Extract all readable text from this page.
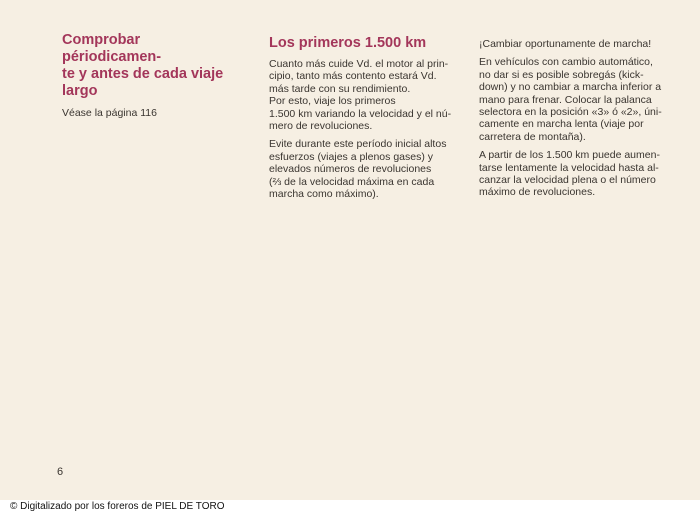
Comprobar périodicamen-
te y antes de cada viaje
largo

Véase la página 116

Los primeros 1.500 km

Cuanto más cuide Vd. el motor al prin-
cipio, tanto más contento estará Vd.
más tarde con su rendimiento.
Por esto, viaje los primeros
1.500 km variando la velocidad y el nú-
mero de revoluciones.

Evite durante este período inicial altos
esfuerzos (viajes a plenos gases) y
elevados números de revoluciones
(⅔ de la velocidad máxima en cada
marcha como máximo).

¡Cambiar oportunamente de marcha!

En vehículos con cambio automático,
no dar si es posible sobregás (kick-
down) y no cambiar a marcha inferior a
mano para frenar. Colocar la palanca
selectora en la posición «3» ó «2», úni-
camente en marcha lenta (viaje por
carretera de montaña).

A partir de los 1.500 km puede aumen-
tarse lentamente la velocidad hasta al-
canzar la velocidad plena o el número
máximo de revoluciones.

6
© Digitalizado por los foreros de PIEL DE TORO
